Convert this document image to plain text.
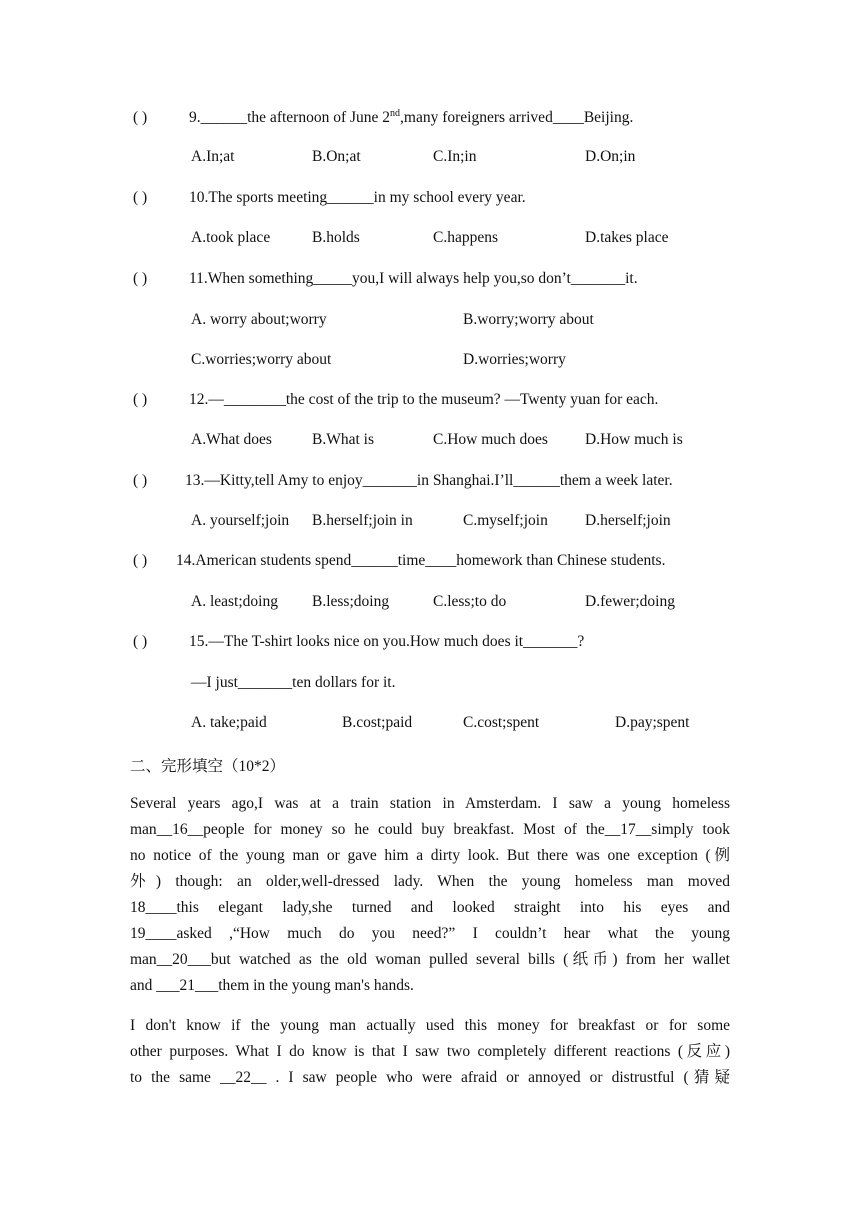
( )	9.______the afternoon of June 2nd,many foreigners arrived____Beijing.
A.In;at	B.On;at	C.In;in	D.On;in
( )	10.The sports meeting______in my school every year.
A.took place	B.holds	C.happens	D.takes place
( )	11.When something_____you,I will always help you,so don’t_______it.
A. worry about;worry	B.worry;worry about
C.worries;worry about	D.worries;worry
( )	12.—________the cost of the trip to the museum? —Twenty yuan for each.
A.What does	B.What is	C.How much does D.How much is
( ) 13.—Kitty,tell Amy to enjoy_______in Shanghai.I’ll______them a week later.
A. yourself;join B.herself;join in	C.myself;join D.herself;join
( ) 14.American students spend______time____homework than Chinese students.
A. least;doing B.less;doing	C.less;to do	D.fewer;doing
( )	15.—The T-shirt looks nice on you.How much does it_______?
—I just_______ten dollars for it.
A. take;paid	B.cost;paid	C.cost;spent	D.pay;spent
二、完形填空（10*2）
Several years ago,I was at a train station in Amsterdam. I saw a young homeless
man__16__people for money so he could buy breakfast. Most of the__17__simply took
no notice of the young man or gave him a dirty look. But there was one exception (例
外) though: an older,well-dressed lady. When the young homeless man moved
18____this elegant lady,she turned and looked straight into his eyes and
19____asked ,“How much do you need?” I couldn’t hear what the young
man__20___but watched as the old woman pulled several bills (纸币) from her wallet
and ___21___them in the young man's hands.
I don't know if the young man actually used this money for breakfast or for some
other purposes. What I do know is that I saw two completely different reactions (反应)
to the same __22__ . I saw people who were afraid or annoyed or distrustful (猜疑
